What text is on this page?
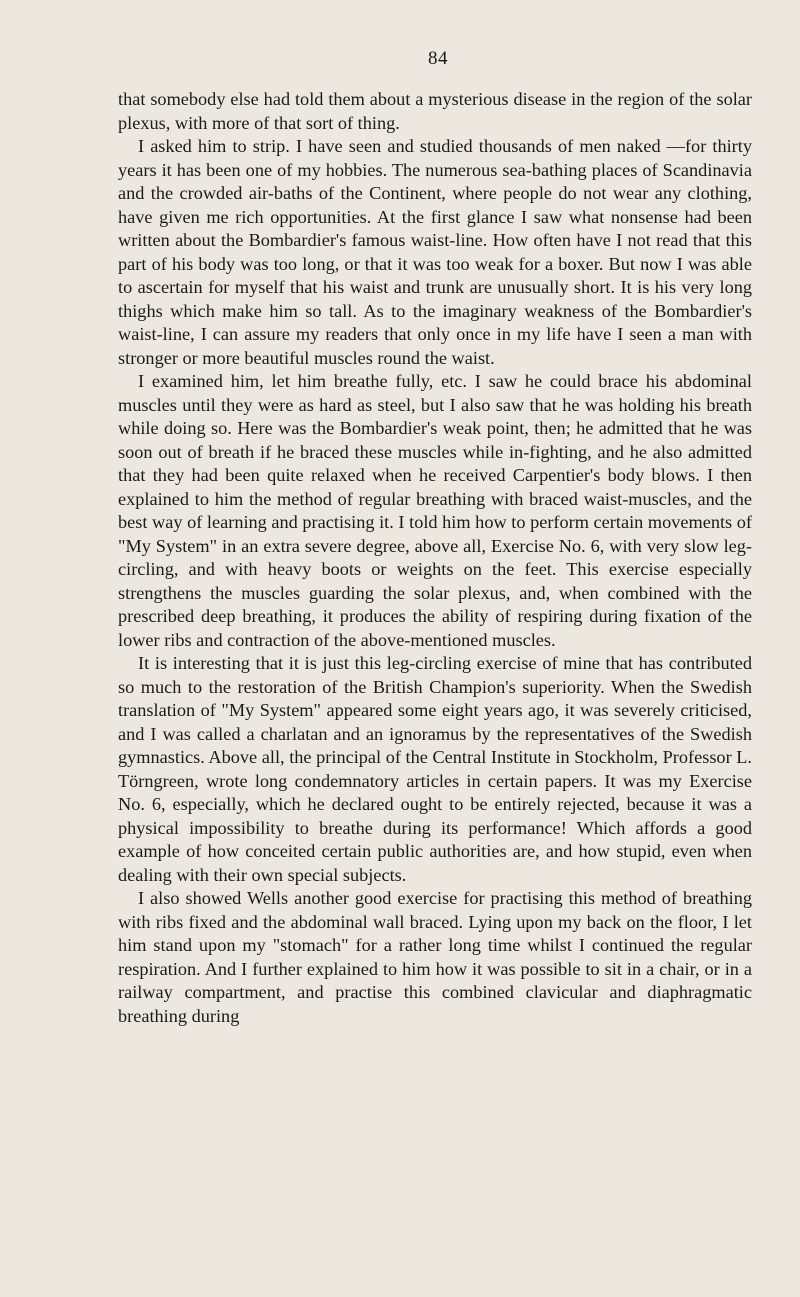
84

that somebody else had told them about a mysterious disease in the region of the solar plexus, with more of that sort of thing.

I asked him to strip. I have seen and studied thousands of men naked —for thirty years it has been one of my hobbies. The numerous sea-bathing places of Scandinavia and the crowded air-baths of the Continent, where people do not wear any clothing, have given me rich opportunities. At the first glance I saw what nonsense had been written about the Bombardier's famous waist-line. How often have I not read that this part of his body was too long, or that it was too weak for a boxer. But now I was able to ascertain for myself that his waist and trunk are unusually short. It is his very long thighs which make him so tall. As to the imaginary weakness of the Bombardier's waist-line, I can assure my readers that only once in my life have I seen a man with stronger or more beautiful muscles round the waist.

I examined him, let him breathe fully, etc. I saw he could brace his abdominal muscles until they were as hard as steel, but I also saw that he was holding his breath while doing so. Here was the Bombardier's weak point, then; he admitted that he was soon out of breath if he braced these muscles while in-fighting, and he also admitted that they had been quite relaxed when he received Carpentier's body blows. I then explained to him the method of regular breathing with braced waist-muscles, and the best way of learning and practising it. I told him how to perform certain movements of "My System" in an extra severe degree, above all, Exercise No. 6, with very slow leg-circling, and with heavy boots or weights on the feet. This exercise especially strengthens the muscles guarding the solar plexus, and, when combined with the prescribed deep breathing, it produces the ability of respiring during fixation of the lower ribs and contraction of the above-mentioned muscles.

It is interesting that it is just this leg-circling exercise of mine that has contributed so much to the restoration of the British Champion's superiority. When the Swedish translation of "My System" appeared some eight years ago, it was severely criticised, and I was called a charlatan and an ignoramus by the representatives of the Swedish gymnastics. Above all, the principal of the Central Institute in Stockholm, Professor L. Törngreen, wrote long condemnatory articles in certain papers. It was my Exercise No. 6, especially, which he declared ought to be entirely rejected, because it was a physical impossibility to breathe during its performance! Which affords a good example of how conceited certain public authorities are, and how stupid, even when dealing with their own special subjects.

I also showed Wells another good exercise for practising this method of breathing with ribs fixed and the abdominal wall braced. Lying upon my back on the floor, I let him stand upon my "stomach" for a rather long time whilst I continued the regular respiration. And I further explained to him how it was possible to sit in a chair, or in a railway compartment, and practise this combined clavicular and diaphragmatic breathing during
